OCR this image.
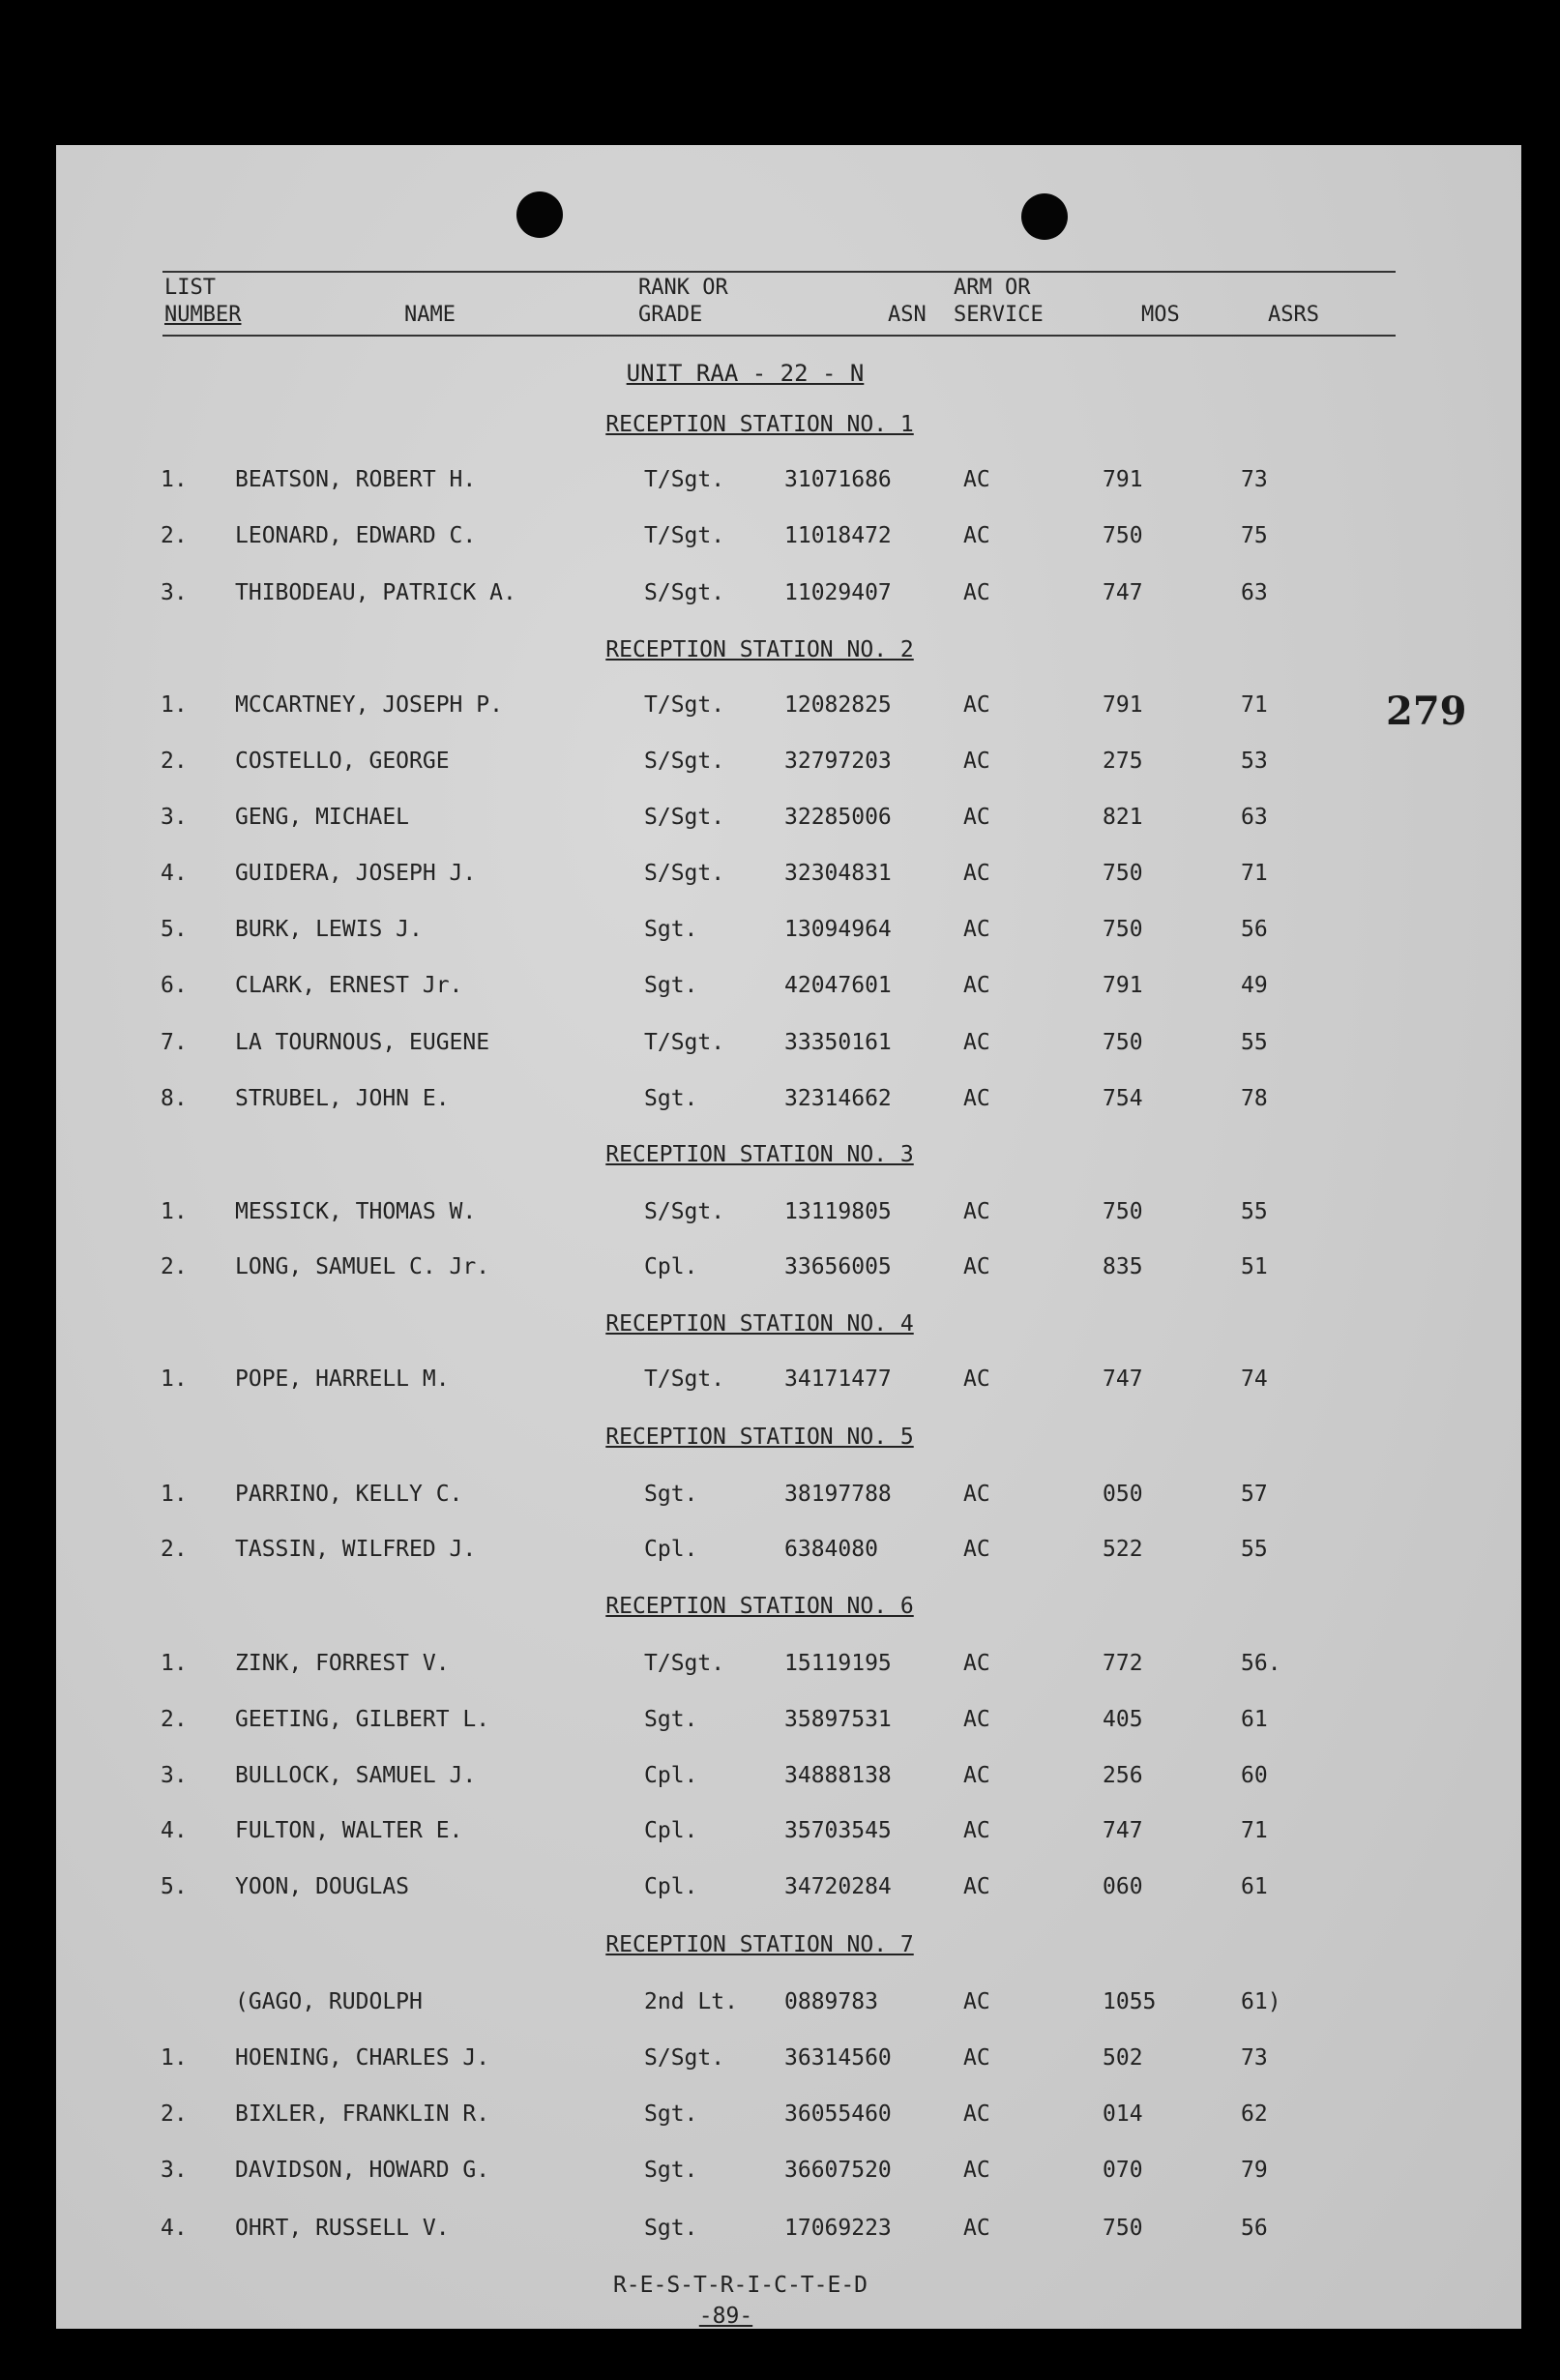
LIST
NUMBER	NAME
RANK OR
GRADE	ASN
ARM OR
SERVICE	MOS	ASRS
UNIT RAA - 22 - N
RECEPTION STATION NO. 1
1. BEATSON, ROBERT H.	T/Sgt.	31071686	AC	791	73
2. LEONARD, EDWARD C.	T/Sgt.	11018472	AC	750	75
3. THIBODEAU, PATRICK A.	S/Sgt.	11029407	AC	747	63
RECEPTION STATION NO. 2
1. MCCARTNEY, JOSEPH P.	T/Sgt.	12082825	AC	791	71
2. COSTELLO, GEORGE	S/Sgt.	32797203	AC	275	53
3. GENG, MICHAEL	S/Sgt.	32285006	AC	821	63
4. GUIDERA, JOSEPH J.	S/Sgt.	32304831	AC	750	71
5. BURK, LEWIS J.	Sgt.	13094964	AC	750	56
6. CLARK, ERNEST Jr.	Sgt.	42047601	AC	791	49
7. LA TOURNOUS, EUGENE	T/Sgt.	33350161	AC	750	55
8. STRUBEL, JOHN E.	Sgt.	32314662	AC	754	78
RECEPTION STATION NO. 3
1. MESSICK, THOMAS W.	S/Sgt.	13119805	AC	750	55
2. LONG, SAMUEL C. Jr.	Cpl.	33656005	AC	835	51
RECEPTION STATION NO. 4
1. POPE, HARRELL M.	T/Sgt.	34171477	AC	747	74
RECEPTION STATION NO. 5
1. PARRINO, KELLY C.	Sgt.	38197788	AC	050	57
2. TASSIN, WILFRED J.	Cpl.	6384080	AC	522	55
RECEPTION STATION NO. 6
1. ZINK, FORREST V.	T/Sgt.	15119195	AC	772	56.
2. GEETING, GILBERT L.	Sgt.	35897531	AC	405	61
3. BULLOCK, SAMUEL J.	Cpl.	34888138	AC	256	60
4. FULTON, WALTER E.	Cpl.	35703545	AC	747	71
5. YOON, DOUGLAS	Cpl.	34720284	AC	060	61
RECEPTION STATION NO. 7
(GAGO, RUDOLPH	2nd Lt. 0889783	AC	1055	61)
1. HOENING, CHARLES J.	S/Sgt.	36314560	AC	502	73
2. BIXLER, FRANKLIN R.	Sgt.	36055460	AC	014	62
3. DAVIDSON, HOWARD G.	Sgt.	36607520	AC	070	79
4. OHRT, RUSSELL V.	Sgt.	17069223	AC	750	56
279
R-E-S-T-R-I-C-T-E-D
-89-
